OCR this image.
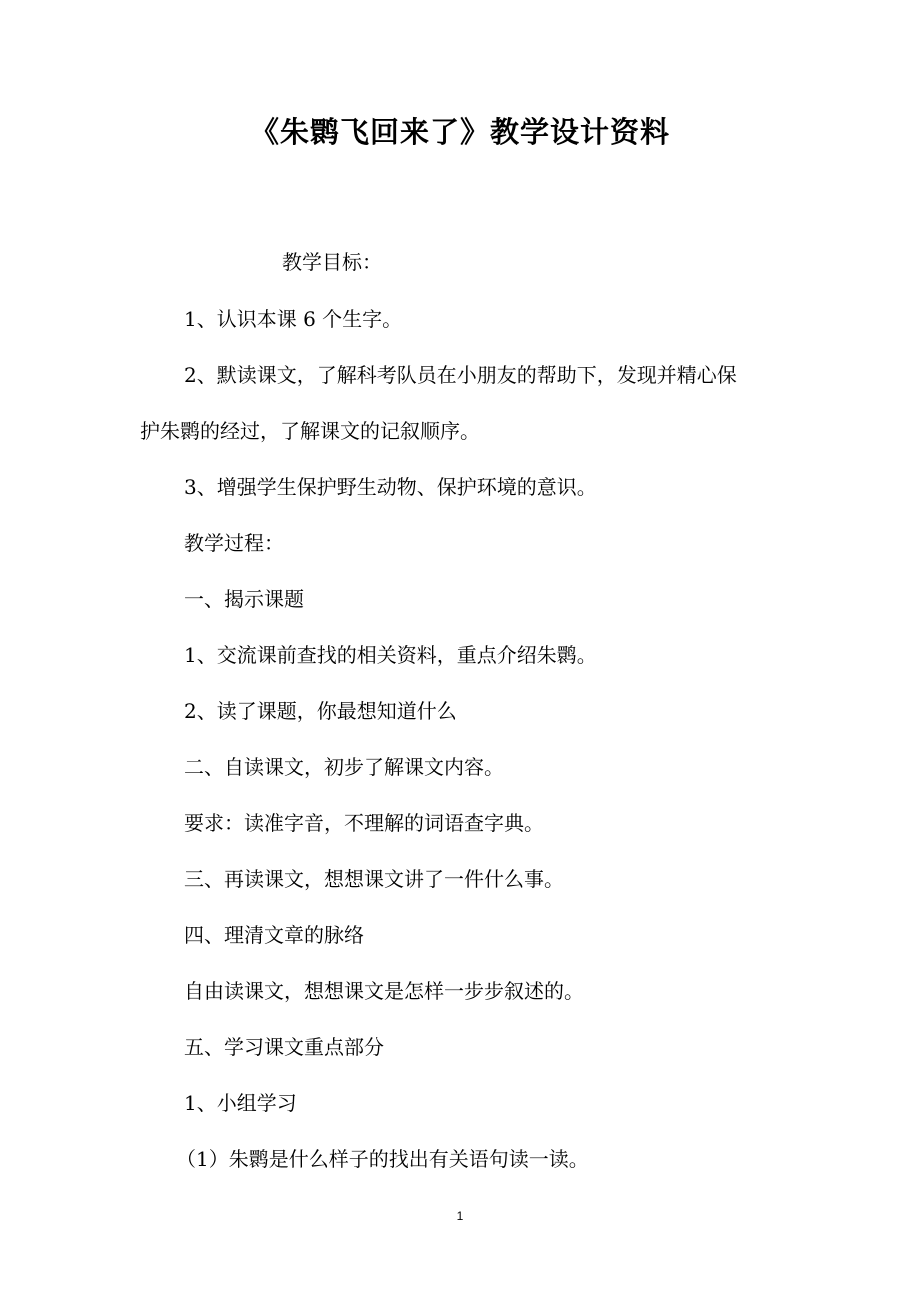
《朱鹮飞回来了》教学设计资料
教学目标：
1、认识本课 6 个生字。
2、默读课文，了解科考队员在小朋友的帮助下，发现并精心保
护朱鹮的经过，了解课文的记叙顺序。
3、增强学生保护野生动物、保护环境的意识。
教学过程：
一、揭示课题
1、交流课前查找的相关资料，重点介绍朱鹮。
2、读了课题，你最想知道什么
二、自读课文，初步了解课文内容。
要求：读准字音，不理解的词语查字典。
三、再读课文，想想课文讲了一件什么事。
四、理清文章的脉络
自由读课文，想想课文是怎样一步步叙述的。
五、学习课文重点部分
1、小组学习
（1）朱鹮是什么样子的找出有关语句读一读。
1
